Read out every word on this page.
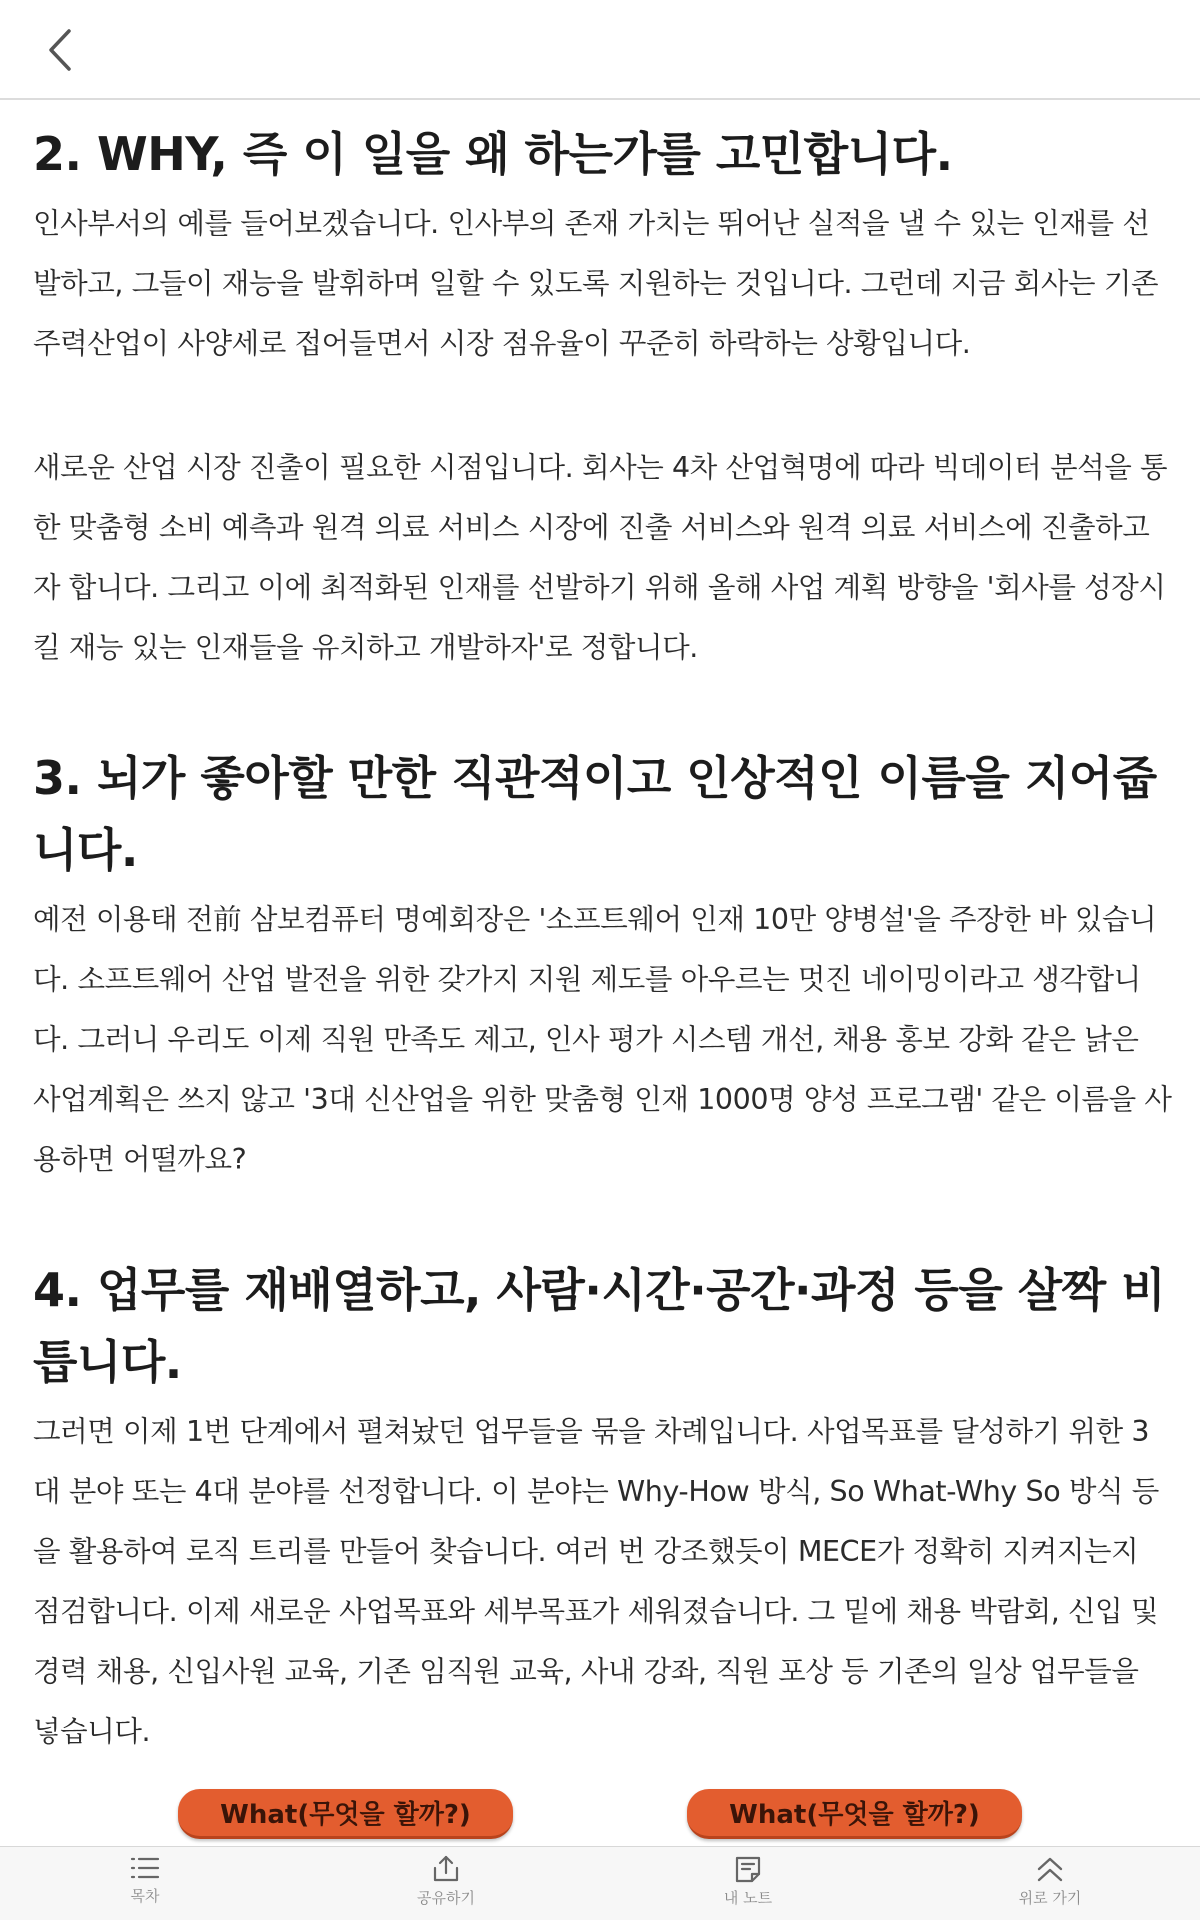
2. WHY, 즉 이 일을 왜 하는가를 고민합니다.

인사부서의 예를 들어보겠습니다. 인사부의 존재 가치는 뛰어난 실적을 낼 수 있는 인재를 선발하고, 그들이 재능을 발휘하며 일할 수 있도록 지원하는 것입니다. 그런데 지금 회사는 기존 주력산업이 사양세로 접어들면서 시장 점유율이 꾸준히 하락하는 상황입니다.

새로운 산업 시장 진출이 필요한 시점입니다. 회사는 4차 산업혁명에 따라 빅데이터 분석을 통한 맞춤형 소비 예측과 원격 의료 서비스 시장에 진출 서비스와 원격 의료 서비스에 진출하고자 합니다. 그리고 이에 최적화된 인재를 선발하기 위해 올해 사업 계획 방향을 '회사를 성장시킬 재능 있는 인재들을 유치하고 개발하자'로 정합니다.

3. 뇌가 좋아할 만한 직관적이고 인상적인 이름을 지어줍니다.

예전 이용태 전前 삼보컴퓨터 명예회장은 '소프트웨어 인재 10만 양병설'을 주장한 바 있습니다. 소프트웨어 산업 발전을 위한 갖가지 지원 제도를 아우르는 멋진 네이밍이라고 생각합니다. 그러니 우리도 이제 직원 만족도 제고, 인사 평가 시스템 개선, 채용 홍보 강화 같은 낡은 사업계획은 쓰지 않고 '3대 신산업을 위한 맞춤형 인재 1000명 양성 프로그램' 같은 이름을 사용하면 어떨까요?

4. 업무를 재배열하고, 사람·시간·공간·과정 등을 살짝 비틉니다.

그러면 이제 1번 단계에서 펼쳐놨던 업무들을 묶을 차례입니다. 사업목표를 달성하기 위한 3대 분야 또는 4대 분야를 선정합니다. 이 분야는 Why-How 방식, So What-Why So 방식 등을 활용하여 로직 트리를 만들어 찾습니다. 여러 번 강조했듯이 MECE가 정확히 지켜지는지 점검합니다. 이제 새로운 사업목표와 세부목표가 세워졌습니다. 그 밑에 채용 박람회, 신입 및 경력 채용, 신입사원 교육, 기존 임직원 교육, 사내 강좌, 직원 포상 등 기존의 일상 업무들을 넣습니다.

What(무엇을 할까?)	What(무엇을 할까?)
목차	공유하기	내 노트	위로 가기
